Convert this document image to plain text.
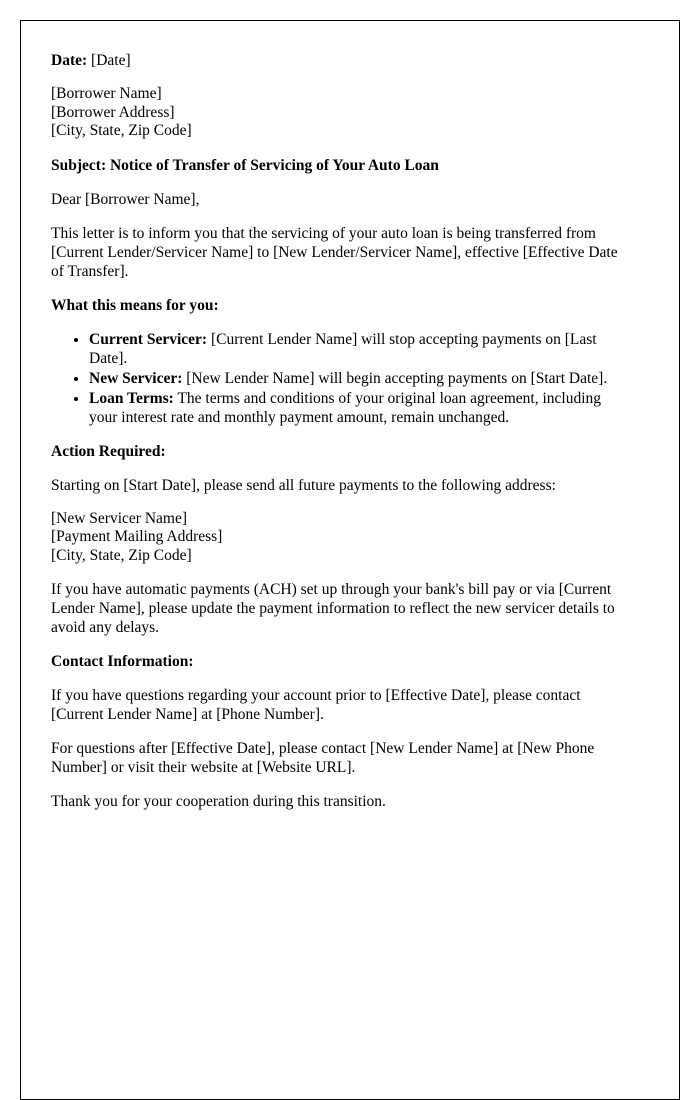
Date: [Date]

[Borrower Name]
[Borrower Address]
[City, State, Zip Code]

Subject: Notice of Transfer of Servicing of Your Auto Loan

Dear [Borrower Name],

This letter is to inform you that the servicing of your auto loan is being transferred from [Current Lender/Servicer Name] to [New Lender/Servicer Name], effective [Effective Date of Transfer].

What this means for you:

• Current Servicer: [Current Lender Name] will stop accepting payments on [Last Date].
• New Servicer: [New Lender Name] will begin accepting payments on [Start Date].
• Loan Terms: The terms and conditions of your original loan agreement, including your interest rate and monthly payment amount, remain unchanged.

Action Required:

Starting on [Start Date], please send all future payments to the following address:

[New Servicer Name]
[Payment Mailing Address]
[City, State, Zip Code]

If you have automatic payments (ACH) set up through your bank's bill pay or via [Current Lender Name], please update the payment information to reflect the new servicer details to avoid any delays.

Contact Information:

If you have questions regarding your account prior to [Effective Date], please contact [Current Lender Name] at [Phone Number].

For questions after [Effective Date], please contact [New Lender Name] at [New Phone Number] or visit their website at [Website URL].

Thank you for your cooperation during this transition.
